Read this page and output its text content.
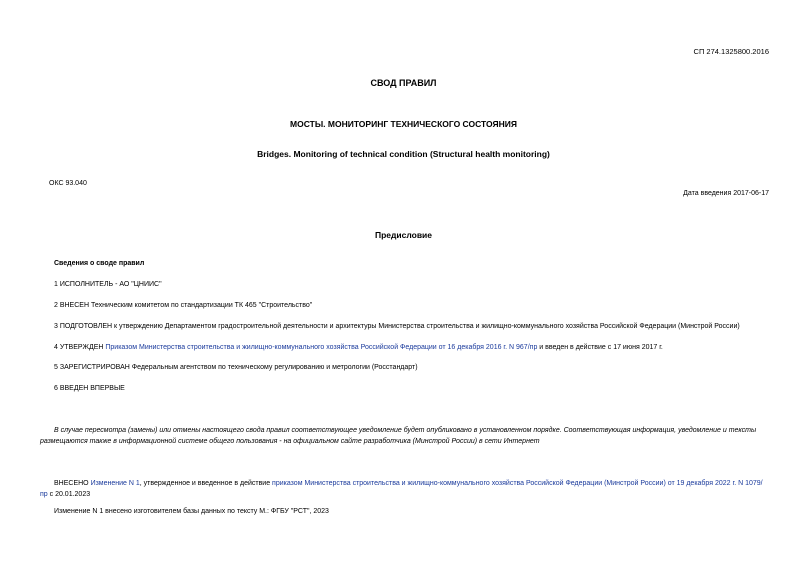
СП 274.1325800.2016
СВОД ПРАВИЛ
МОСТЫ. МОНИТОРИНГ ТЕХНИЧЕСКОГО СОСТОЯНИЯ
Bridges. Monitoring of technical condition (Structural health monitoring)
ОКС 93.040
Дата введения 2017-06-17
Предисловие
Сведения о своде правил
1 ИСПОЛНИТЕЛЬ - АО "ЦНИИС"
2 ВНЕСЕН Техническим комитетом по стандартизации ТК 465 "Строительство"
3 ПОДГОТОВЛЕН к утверждению Департаментом градостроительной деятельности и архитектуры Министерства строительства и жилищно-коммунального хозяйства Российской Федерации (Минстрой России)
4 УТВЕРЖДЕН Приказом Министерства строительства и жилищно-коммунального хозяйства Российской Федерации от 16 декабря 2016 г. N 967/пр и введен в действие с 17 июня 2017 г.
5 ЗАРЕГИСТРИРОВАН Федеральным агентством по техническому регулированию и метрологии (Росстандарт)
6 ВВЕДЕН ВПЕРВЫЕ
В случае пересмотра (замены) или отмены настоящего свода правил соответствующее уведомление будет опубликовано в установленном порядке. Соответствующая информация, уведомление и тексты размещаются также в информационной системе общего пользования - на официальном сайте разработчика (Минстрой России) в сети Интернет
ВНЕСЕНО Изменение N 1, утвержденное и введенное в действие приказом Министерства строительства и жилищно-коммунального хозяйства Российской Федерации (Минстрой России) от 19 декабря 2022 г. N 1079/пр с 20.01.2023
Изменение N 1 внесено изготовителем базы данных по тексту М.: ФГБУ "РСТ", 2023
